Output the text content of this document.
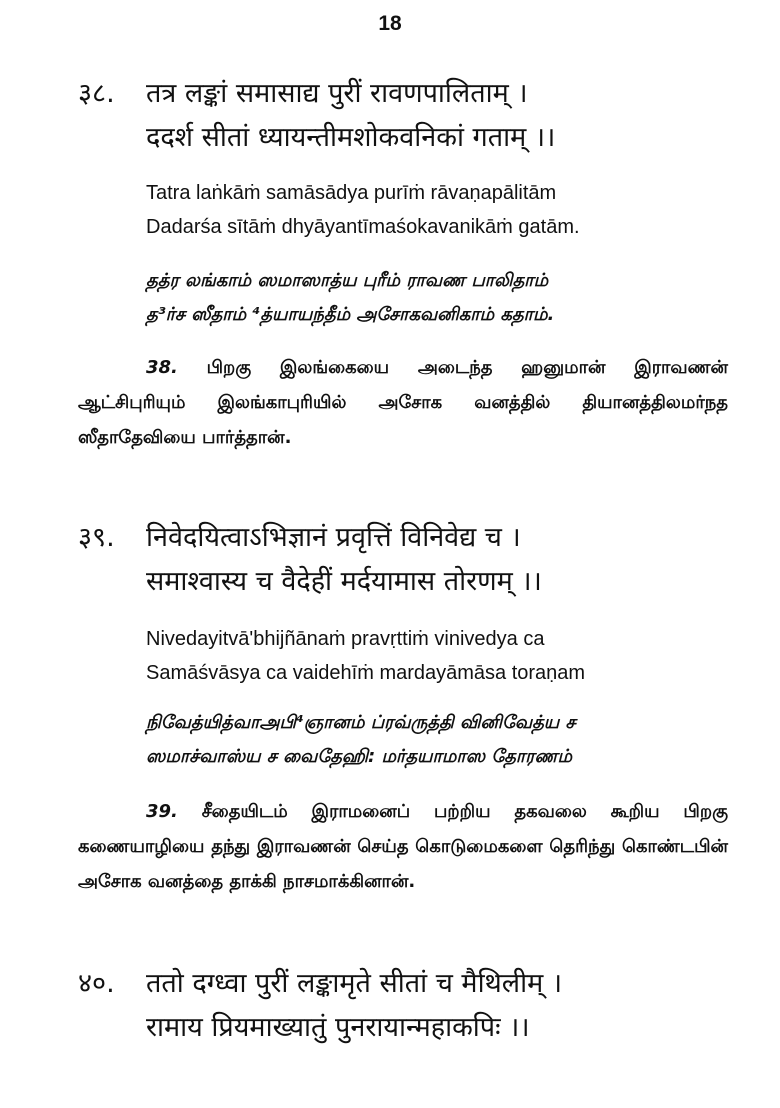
18
३८. तत्र लङ्कां समासाद्य पुरीं रावणपालिताम् ।
ददर्श सीतां ध्यायन्तीमशोकवनिकां गताम् ।।
Tatra laṅkāṁ samāsādya purīṁ rāvaṇapālitām
Dadarśa sītāṁ dhyāyantīmaśokavanikāṁ gatām.
தத்ர லங்காம் ஸமாஸாத்ய புரீம் ராவண பாலிதாம்
த³ர்ச ஸீதாம் ⁴த்யாயந்தீம் அசோகவனிகாம் கதாம்.
38. பிறகு இலங்கையை அடைந்த ஹனுமான் இராவணன் ஆட்சிபுரியும் இலங்காபுரியில் அசோக வனத்தில் தியானத்திலமர்நத ஸீதாதேவியை பார்த்தான்.
३९. निवेदयित्वाऽभिज्ञानं प्रवृत्तिं विनिवेद्य च ।
समाश्वास्य च वैदेहीं मर्दयामास तोरणम् ।।
Nivedayitvā'bhijñānaṁ pravṛttiṁ vinivedya ca
Samāśvāsya ca vaidehīṁ mardayāmāsa toraṇam
நிவேத்யித்வாஅபி⁴ஞானம் ப்ரவ்ருத்தி வினிவேத்ய ச
ஸமாச்வாஸ்ய ச வைதேஹி: மர்தயாமாஸ தோரணம்
39. சீதையிடம் இராமனைப் பற்றிய தகவலை கூறிய பிறகு கணையாழியை தந்து இராவணன் செய்த கொடுமைகளை தெரிந்து கொண்டபின் அசோக வனத்தை தாக்கி நாசமாக்கினான்.
४०. ततो दग्ध्वा पुरीं लङ्कामृते सीतां च मैथिलीम् ।
रामाय प्रियमाख्यातुं पुनरायान्महाकपिः ।।
